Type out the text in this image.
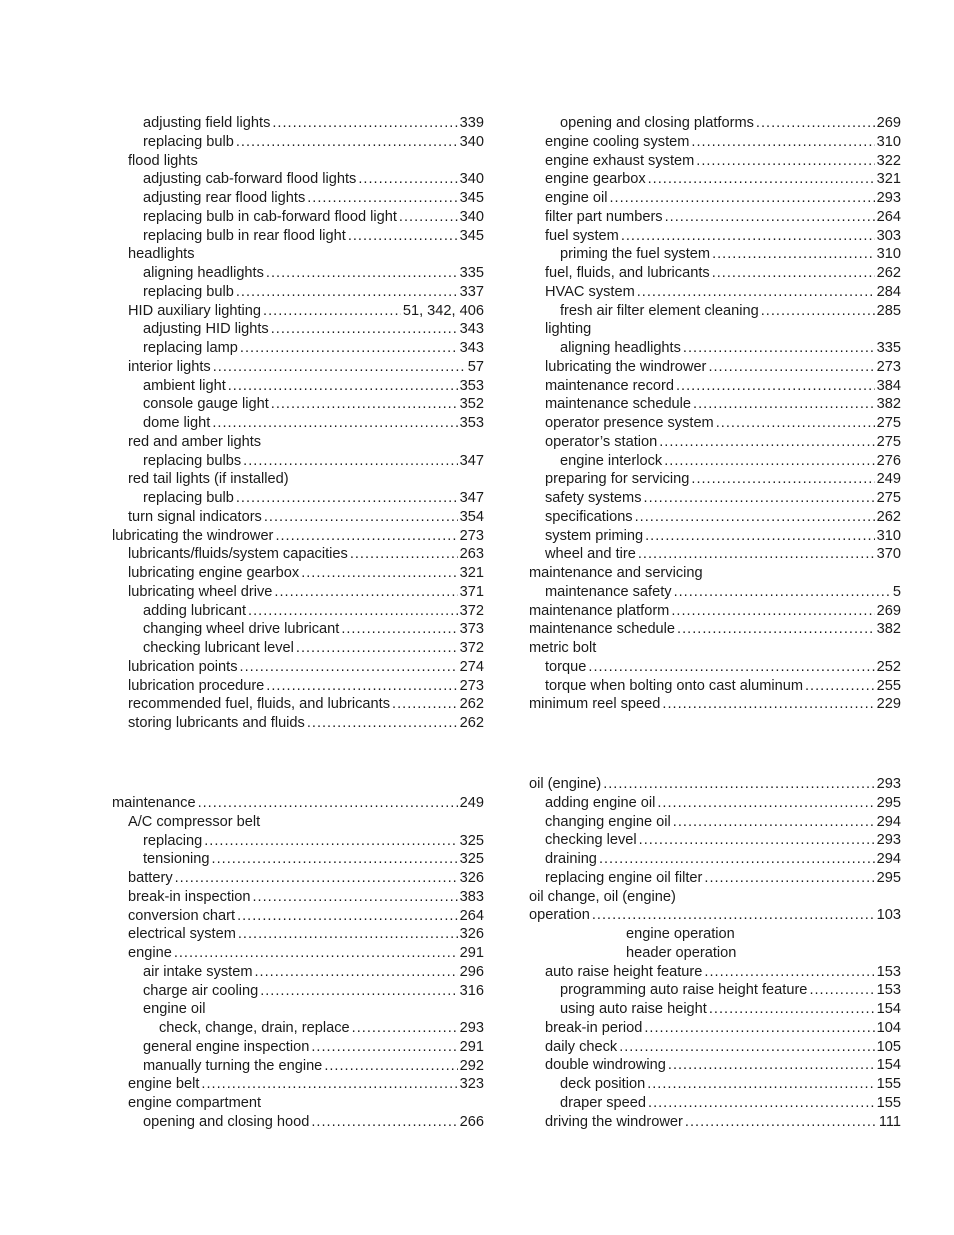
adjusting field lights .....	339
replacing bulb .....	340
flood lights
adjusting cab-forward flood lights .....	340
adjusting rear flood lights .....	345
replacing bulb in cab-forward flood light .....	340
replacing bulb in rear flood light .....	345
headlights
aligning headlights .....	335
replacing bulb .....	337
HID auxiliary lighting .....	51, 342, 406
adjusting HID lights .....	343
replacing lamp .....	343
interior lights .....	57
ambient light .....	353
console gauge light .....	352
dome light .....	353
red and amber lights
replacing bulbs .....	347
red tail lights (if installed)
replacing bulb .....	347
turn signal indicators .....	354
lubricating the windrower .....	273
lubricants/fluids/system capacities .....	263
lubricating engine gearbox .....	321
lubricating wheel drive .....	371
adding lubricant .....	372
changing wheel drive lubricant .....	373
checking lubricant level .....	372
lubrication points .....	274
lubrication procedure .....	273
recommended fuel, fluids, and lubricants .....	262
storing lubricants and fluids .....	262
maintenance .....	249
A/C compressor belt
replacing .....	325
tensioning .....	325
battery .....	326
break-in inspection .....	383
conversion chart .....	264
electrical system .....	326
engine .....	291
air intake system .....	296
charge air cooling .....	316
engine oil
check, change, drain, replace .....	293
general engine inspection .....	291
manually turning the engine .....	292
engine belt .....	323
engine compartment
opening and closing hood .....	266
opening and closing platforms .....	269
engine cooling system .....	310
engine exhaust system .....	322
engine gearbox .....	321
engine oil .....	293
filter part numbers .....	264
fuel system .....	303
priming the fuel system .....	310
fuel, fluids, and lubricants .....	262
HVAC system .....	284
fresh air filter element cleaning .....	285
lighting
aligning headlights .....	335
lubricating the windrower .....	273
maintenance record .....	384
maintenance schedule .....	382
operator presence system .....	275
operator’s station .....	275
engine interlock .....	276
preparing for servicing .....	249
safety systems .....	275
specifications .....	262
system priming .....	310
wheel and tire .....	370
maintenance and servicing
maintenance safety .....	5
maintenance platform .....	269
maintenance schedule .....	382
metric bolt
torque .....	252
torque when bolting onto cast aluminum .....	255
minimum reel speed .....	229
oil (engine) .....	293
adding engine oil .....	295
changing engine oil .....	294
checking level .....	293
draining .....	294
replacing engine oil filter .....	295
oil change, oil (engine)
operation .....	103
engine operation
header operation
auto raise height feature .....	153
programming auto raise height feature .....	153
using auto raise height .....	154
break-in period .....	104
daily check .....	105
double windrowing .....	154
deck position .....	155
draper speed .....	155
driving the windrower .....	111
